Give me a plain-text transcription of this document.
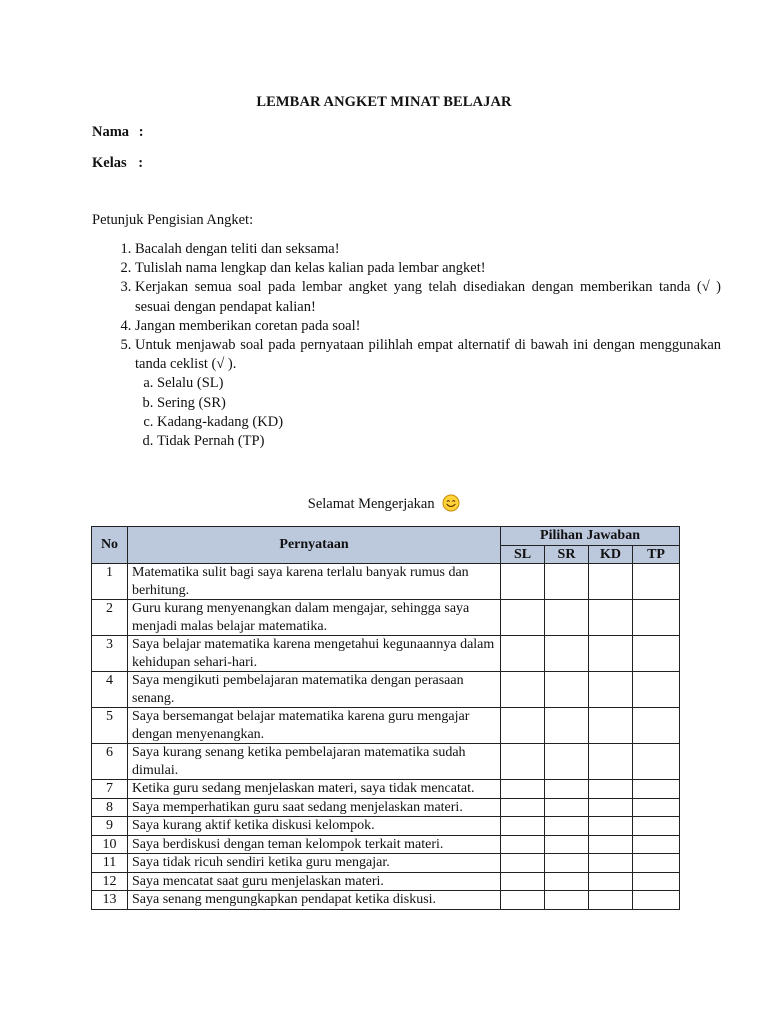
LEMBAR ANGKET MINAT BELAJAR
Nama :
Kelas :
Petunjuk Pengisian Angket:
1. Bacalah dengan teliti dan seksama!
2. Tulislah nama lengkap dan kelas kalian pada lembar angket!
3. Kerjakan semua soal pada lembar angket yang telah disediakan dengan memberikan tanda (√ ) sesuai dengan pendapat kalian!
4. Jangan memberikan coretan pada soal!
5. Untuk menjawab soal pada pernyataan pilihlah empat alternatif di bawah ini dengan menggunakan tanda ceklist (√ ).
a. Selalu (SL)
b. Sering (SR)
c. Kadang-kadang (KD)
d. Tidak Pernah (TP)
Selamat Mengerjakan
No	Pernyataan	Pilihan Jawaban			
		SL	SR	KD	TP
1	Matematika sulit bagi saya karena terlalu banyak rumus dan berhitung.				
2	Guru kurang menyenangkan dalam mengajar, sehingga saya menjadi malas belajar matematika.				
3	Saya belajar matematika karena mengetahui kegunaannya dalam kehidupan sehari-hari.				
4	Saya mengikuti pembelajaran matematika dengan perasaan senang.				
5	Saya bersemangat belajar matematika karena guru mengajar dengan menyenangkan.				
6	Saya kurang senang ketika pembelajaran matematika sudah dimulai.				
7	Ketika guru sedang menjelaskan materi, saya tidak mencatat.				
8	Saya memperhatikan guru saat sedang menjelaskan materi.				
9	Saya kurang aktif ketika diskusi kelompok.				
10	Saya berdiskusi dengan teman kelompok terkait materi.				
11	Saya tidak ricuh sendiri ketika guru mengajar.				
12	Saya mencatat saat guru menjelaskan materi.				
13	Saya senang mengungkapkan pendapat ketika diskusi.				
